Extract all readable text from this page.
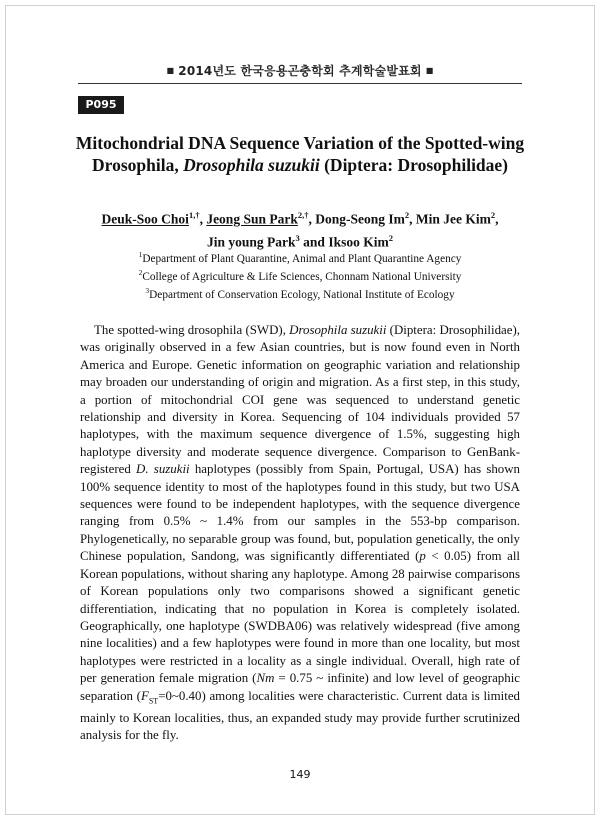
■ 2014년도 한국응용곤충학회 추계학술발표회 ■
P095
Mitochondrial DNA Sequence Variation of the Spotted-wing
Drosophila, Drosophila suzukii (Diptera: Drosophilidae)
Deuk-Soo Choi$^{1,\dagger}$, Jeong Sun Park$^{2,\dagger}$, Dong-Seong Im$^2$, Min Jee Kim$^2$,
Jin young Park$^3$ and Iksoo Kim$^2$
$^1$Department of Plant Quarantine, Animal and Plant Quarantine Agency
$^2$College of Agriculture & Life Sciences, Chonnam National University
$^3$Department of Conservation Ecology, National Institute of Ecology

The spotted-wing drosophila (SWD), Drosophila suzukii (Diptera: Drosophilidae), was originally observed in a few Asian countries, but is now found even in North America and Europe. Genetic information on geographic variation and relationship may broaden our understanding of origin and migration. As a first step, in this study, a portion of mitochondrial COI gene was sequenced to understand genetic relationship and diversity in Korea. Sequencing of 104 individuals provided 57 haplotypes, with the maximum sequence divergence of 1.5%, suggesting high haplotype diversity and moderate sequence divergence. Comparison to GenBank-registered D. suzukii haplotypes (possibly from Spain, Portugal, USA) has shown 100% sequence identity to most of the haplotypes found in this study, but two USA sequences were found to be independent haplotypes, with the sequence divergence ranging from 0.5% ~ 1.4% from our samples in the 553-bp comparison. Phylogenetically, no separable group was found, but, population genetically, the only Chinese population, Sandong, was significantly differentiated (p < 0.05) from all Korean populations, without sharing any haplotype. Among 28 pairwise comparisons of Korean populations only two comparisons showed a significant genetic differentiation, indicating that no population in Korea is completely isolated. Geographically, one haplotype (SWDBA06) was relatively widespread (five among nine localities) and a few haplotypes were found in more than one locality, but most haplotypes were restricted in a locality as a single individual. Overall, high rate of per generation female migration (Nm = 0.75 ~ infinite) and low level of geographic separation $(F_{ST}=0\sim 0.40)$ among localities were characteristic. Current data is limited mainly to Korean localities, thus, an expanded study may provide further scrutinized analysis for the fly.

149
